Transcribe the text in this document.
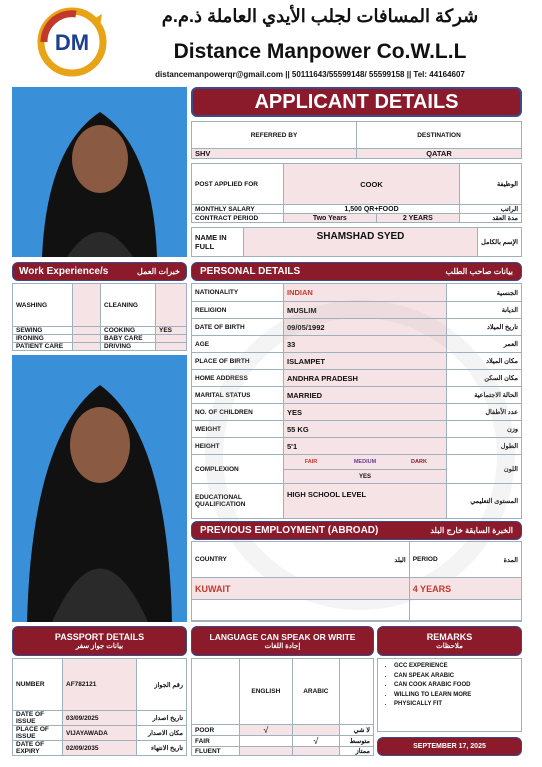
DM
شركة المسافات لجلب الأيدي العاملة ذ.م.م
Distance Manpower Co.W.L.L
distancemanpowerqr@gmail.com || 50111643/55599148/ 55599158 || Tel: 44164607
APPLICANT DETAILS
REFERRED BY	DESTINATION
SHV	QATAR
POST APPLIED FOR	COOK		الوظيفة
MONTHLY SALARY	1,500 QR+FOOD		الراتب
CONTRACT PERIOD	Two Years	2 YEARS	مدة العقد
NAME IN FULL	SHAMSHAD SYED	الإسم بالكامل
Work Experience/s	خبرات العمل
WASHING		CLEANING	
SEWING		COOKING	YES
IRONING		BABY CARE	
PATIENT CARE		DRIVING	
PERSONAL DETAILS	بيانات صاحب الطلب
NATIONALITY	INDIAN	الجنسية
RELIGION	MUSLIM	الديانة
DATE OF BIRTH	09/05/1992	تاريخ الميلاد
AGE	33	العمر
PLACE OF BIRTH	ISLAMPET	مكان الميلاد
HOME ADDRESS	ANDHRA PRADESH	مكان السكن
MARITAL STATUS	MARRIED	الحالة الاجتماعية
NO. OF CHILDREN	YES	عدد الأطفال
WEIGHT	55 KG	وزن
HEIGHT	5'1	الطول
COMPLEXION	FAIR MEDIUM DARK
YES	اللون
EDUCATIONAL QUALIFICATION	HIGH SCHOOL LEVEL	المستوى التعليمي
PREVIOUS EMPLOYMENT (ABROAD)	الخبرة السابقة خارج البلد
COUNTRY	البلد	PERIOD	المدة
KUWAIT		4 YEARS	

PASSPORT DETAILS
بيانات جواز سفر
NUMBER	AF782121	رقم الجواز
DATE OF ISSUE	03/09/2025	تاريخ اصدار
PLACE OF ISSUE	VIJAYAWADA	مكان الاصدار
DATE OF EXPIRY	02/09/2035	تاريخ الانتهاء
LANGUAGE CAN SPEAK OR WRITE
إجادة اللغات
	ENGLISH	ARABIC	
POOR	√		لا شي
FAIR		√	متوسط
FLUENT			ممتاز
REMARKS
ملاحظات
• GCC EXPERIENCE
• CAN SPEAK ARABIC
• CAN COOK ARABIC FOOD
• WILLING TO LEARN MORE
• PHYSICALLY FIT
SEPTEMBER 17, 2025
